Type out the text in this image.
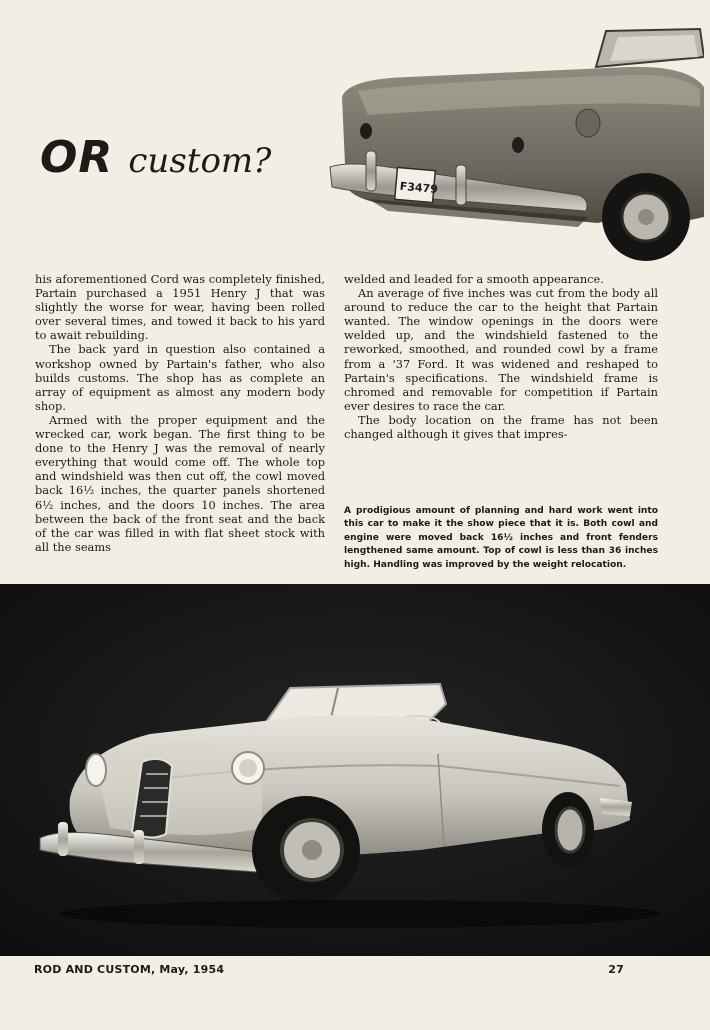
OR custom?
F3479

his aforementioned Cord was completely finished, Partain purchased a 1951 Henry J that was slightly the worse for wear, having been rolled over several times, and towed it back to his yard to await rebuilding.

The back yard in question also contained a workshop owned by Partain's father, who also builds customs. The shop has as complete an array of equipment as almost any modern body shop.

Armed with the proper equipment and the wrecked car, work began. The first thing to be done to the Henry J was the removal of nearly everything that would come off. The whole top and windshield was then cut off, the cowl moved back 16½ inches, the quarter panels shortened 6½ inches, and the doors 10 inches. The area between the back of the front seat and the back of the car was filled in with flat sheet stock with all the seams

welded and leaded for a smooth appearance.

An average of five inches was cut from the body all around to reduce the car to the height that Partain wanted. The window openings in the doors were welded up, and the windshield fastened to the reworked, smoothed, and rounded cowl by a frame from a '37 Ford. It was widened and reshaped to Partain's specifications. The windshield frame is chromed and removable for competition if Partain ever desires to race the car.

The body location on the frame has not been changed although it gives that impres-

A prodigious amount of planning and hard work went into this car to make it the show piece that it is. Both cowl and engine were moved back 16½ inches and front fenders lengthened same amount. Top of cowl is less than 36 inches high. Handling was improved by the weight relocation.
ROD AND CUSTOM, May, 1954	27
